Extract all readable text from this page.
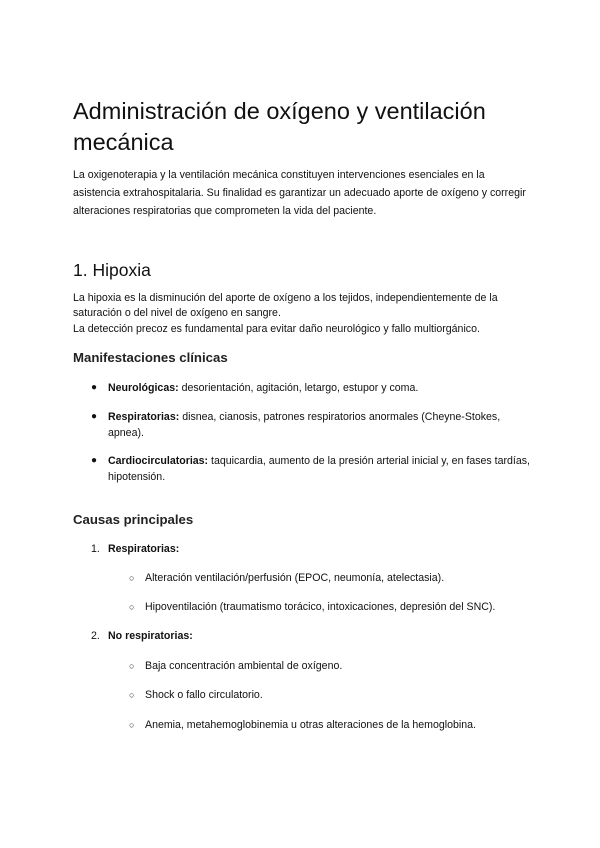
Administración de oxígeno y ventilación mecánica

La oxigenoterapia y la ventilación mecánica constituyen intervenciones esenciales en la asistencia extrahospitalaria. Su finalidad es garantizar un adecuado aporte de oxígeno y corregir alteraciones respiratorias que comprometen la vida del paciente.

1. Hipoxia

La hipoxia es la disminución del aporte de oxígeno a los tejidos, independientemente de la saturación o del nivel de oxígeno en sangre.
La detección precoz es fundamental para evitar daño neurológico y fallo multiorgánico.

Manifestaciones clínicas

● Neurológicas: desorientación, agitación, letargo, estupor y coma.

● Respiratorias: disnea, cianosis, patrones respiratorios anormales (Cheyne-Stokes, apnea).

● Cardiocirculatorias: taquicardia, aumento de la presión arterial inicial y, en fases tardías, hipotensión.

Causas principales

1. Respiratorias:

○ Alteración ventilación/perfusión (EPOC, neumonía, atelectasia).

○ Hipoventilación (traumatismo torácico, intoxicaciones, depresión del SNC).

2. No respiratorias:

○ Baja concentración ambiental de oxígeno.

○ Shock o fallo circulatorio.

○ Anemia, metahemoglobinemia u otras alteraciones de la hemoglobina.
